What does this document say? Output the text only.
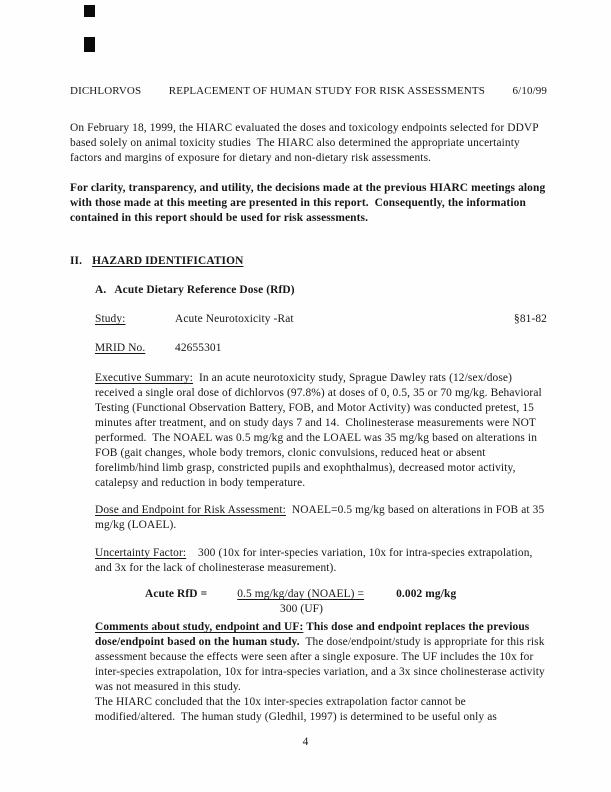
DICHLORVOS	REPLACEMENT OF HUMAN STUDY FOR RISK ASSESSMENTS	6/10/99

On February 18, 1999, the HIARC evaluated the doses and toxicology endpoints selected for DDVP based solely on animal toxicity studies  The HIARC also determined the appropriate uncertainty factors and margins of exposure for dietary and non-dietary risk assessments.

For clarity, transparency, and utility, the decisions made at the previous HIARC meetings along with those made at this meeting are presented in this report.  Consequently, the information contained in this report should be used for risk assessments.

II. HAZARD IDENTIFICATION
A. Acute Dietary Reference Dose (RfD)
Study:	Acute Neurotoxicity -Rat	§81-82
MRID No.	42655301

Executive Summary:  In an acute neurotoxicity study, Sprague Dawley rats (12/sex/dose) received a single oral dose of dichlorvos (97.8%) at doses of 0, 0.5, 35 or 70 mg/kg. Behavioral Testing (Functional Observation Battery, FOB, and Motor Activity) was conducted pretest, 15 minutes after treatment, and on study days 7 and 14.  Cholinesterase measurements were NOT performed.  The NOAEL was 0.5 mg/kg and the LOAEL was 35 mg/kg based on alterations in FOB (gait changes, whole body tremors, clonic convulsions, reduced heat or absent forelimb/hind limb grasp, constricted pupils and exophthalmus), decreased motor activity, catalepsy and reduction in body temperature.

Dose and Endpoint for Risk Assessment:  NOAEL=0.5 mg/kg based on alterations in FOB at 35 mg/kg (LOAEL).

Uncertainty Factor:    300 (10x for inter-species variation, 10x for intra-species extrapolation, and 3x for the lack of cholinesterase measurement).

Acute RfD =	0.5 mg/kg/day (NOAEL) =	0.002 mg/kg
300 (UF)

Comments about study, endpoint and UF: This dose and endpoint replaces the previous dose/endpoint based on the human study.  The dose/endpoint/study is appropriate for this risk assessment because the effects were seen after a single exposure. The UF includes the 10x for inter-species extrapolation, 10x for intra-species variation, and a 3x since cholinesterase activity was not measured in this study.

The HIARC concluded that the 10x inter-species extrapolation factor cannot be modified/altered.  The human study (Gledhil, 1997) is determined to be useful only as

4
